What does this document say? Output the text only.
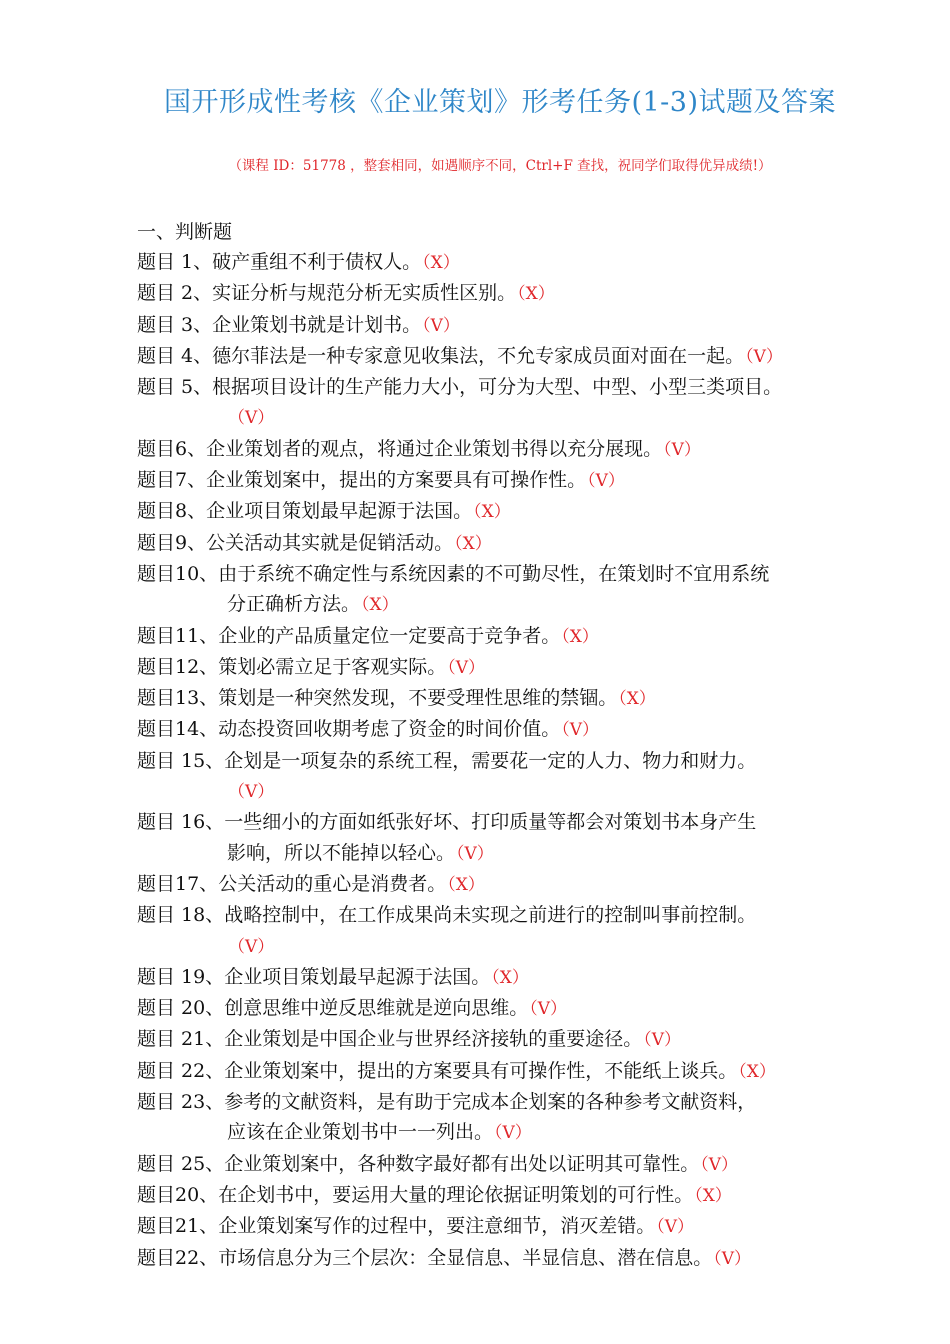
国开形成性考核《企业策划》形考任务(1-3)试题及答案
（课程 ID：51778 ，整套相同，如遇顺序不同，Ctrl+F 查找，祝同学们取得优异成绩!）
一、判断题
题目 1、破产重组不利于债权人。（X）
题目 2、实证分析与规范分析无实质性区别。（X）
题目 3、企业策划书就是计划书。（V）
题目 4、德尔菲法是一种专家意见收集法，不允专家成员面对面在一起。（V）
题目 5、根据项目设计的生产能力大小，可分为大型、中型、小型三类项目。
（V）
题目6、企业策划者的观点，将通过企业策划书得以充分展现。（V）
题目7、企业策划案中，提出的方案要具有可操作性。（V）
题目8、企业项目策划最早起源于法国。（X）
题目9、公关活动其实就是促销活动。（X）
题目10、由于系统不确定性与系统因素的不可勤尽性，在策划时不宜用系统
分正确析方法。（X）
题目11、企业的产品质量定位一定要高于竞争者。（X）
题目12、策划必需立足于客观实际。（V）
题目13、策划是一种突然发现，不要受理性思维的禁锢。（X）
题目14、动态投资回收期考虑了资金的时间价值。（V）
题目 15、企划是一项复杂的系统工程，需要花一定的人力、物力和财力。
（V）
题目 16、一些细小的方面如纸张好坏、打印质量等都会对策划书本身产生
影响，所以不能掉以轻心。（V）
题目17、公关活动的重心是消费者。（X）
题目 18、战略控制中，在工作成果尚未实现之前进行的控制叫事前控制。
（V）
题目 19、企业项目策划最早起源于法国。（X）
题目 20、创意思维中逆反思维就是逆向思维。（V）
题目 21、企业策划是中国企业与世界经济接轨的重要途径。（V）
题目 22、企业策划案中，提出的方案要具有可操作性，不能纸上谈兵。（X）
题目 23、参考的文献资料，是有助于完成本企划案的各种参考文献资料，
应该在企业策划书中一一列出。（V）
题目 25、企业策划案中，各种数字最好都有出处以证明其可靠性。（V）
题目20、在企划书中，要运用大量的理论依据证明策划的可行性。（X）
题目21、企业策划案写作的过程中，要注意细节，消灭差错。（V）
题目22、市场信息分为三个层次：全显信息、半显信息、潜在信息。（V）
